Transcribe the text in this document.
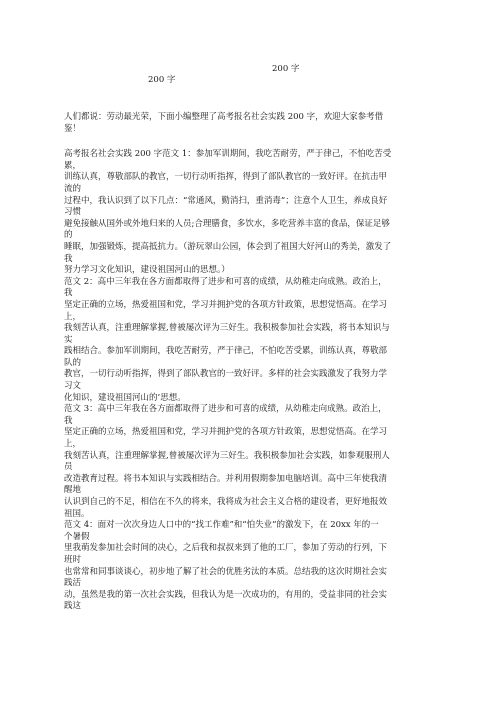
200 字
200 字
人们都说：劳动最光荣，下面小编整理了高考报名社会实践 200 字，欢迎大家参考借
鉴！
高考报名社会实践 200 字范文 1：参加军训期间，我吃苦耐劳，严于律己，不怕吃苦受
累，
训练认真，尊敬部队的教官，一切行动听指挥，得到了部队教官的一致好评。在抗击甲
流的
过程中，我认识到了以下几点：“常通风，勤消扫，重消毒”；注意个人卫生，养成良好
习惯
避免接触从国外或外地归来的人员;合理膳食，多饮水，多吃营养丰富的食品，保证足够
的
睡眠，加强锻炼，提高抵抗力。（游玩翠山公园，体会到了祖国大好河山的秀美，激发了
我
努力学习文化知识，建设祖国河山的思想。）
范文 2：高中三年我在各方面都取得了进步和可喜的成绩，从幼稚走向成熟。政治上，
我
坚定正确的立场，热爱祖国和党，学习并拥护党的各项方针政策，思想觉悟高。在学习
上，
我刻苦认真，注重理解掌握,曾被屡次评为三好生。我积极参加社会实践，将书本知识与
实
践相结合。参加军训期间，我吃苦耐劳，严于律己，不怕吃苦受累，训练认真，尊敬部
队的
教官，一切行动听指挥，得到了部队教官的一致好评。多样的社会实践激发了我努力学
习文
化知识，建设祖国河山的’思想。
范文 3：高中三年我在各方面都取得了进步和可喜的成绩，从幼稚走向成熟。政治上，
我
坚定正确的立场，热爱祖国和党，学习并拥护党的各项方针政策，思想觉悟高。在学习
上，
我刻苦认真，注重理解掌握,曾被屡次评为三好生。我积极参加社会实践，如参观服刑人
员
改造教育过程。将书本知识与实践相结合。并利用假期参加电脑培训。高中三年使我清
醒地
认识到自己的不足，相信在不久的将来，我将成为社会主义合格的建设者，更好地报效
祖国。
范文 4：面对一次次身边人口中的“找工作难”和“怕失业”的激发下，在 20xx 年的一
个暑假
里我萌发参加社会时间的决心，之后我和叔叔来到了他的工厂，参加了劳动的行列，下
班时
也常常和同事谈谈心，初步地了解了社会的优胜劣汰的本质。总结我的这次时期社会实
践活
动，虽然是我的第一次社会实践，但我认为是一次成功的，有用的，受益非同的社会实
践这
